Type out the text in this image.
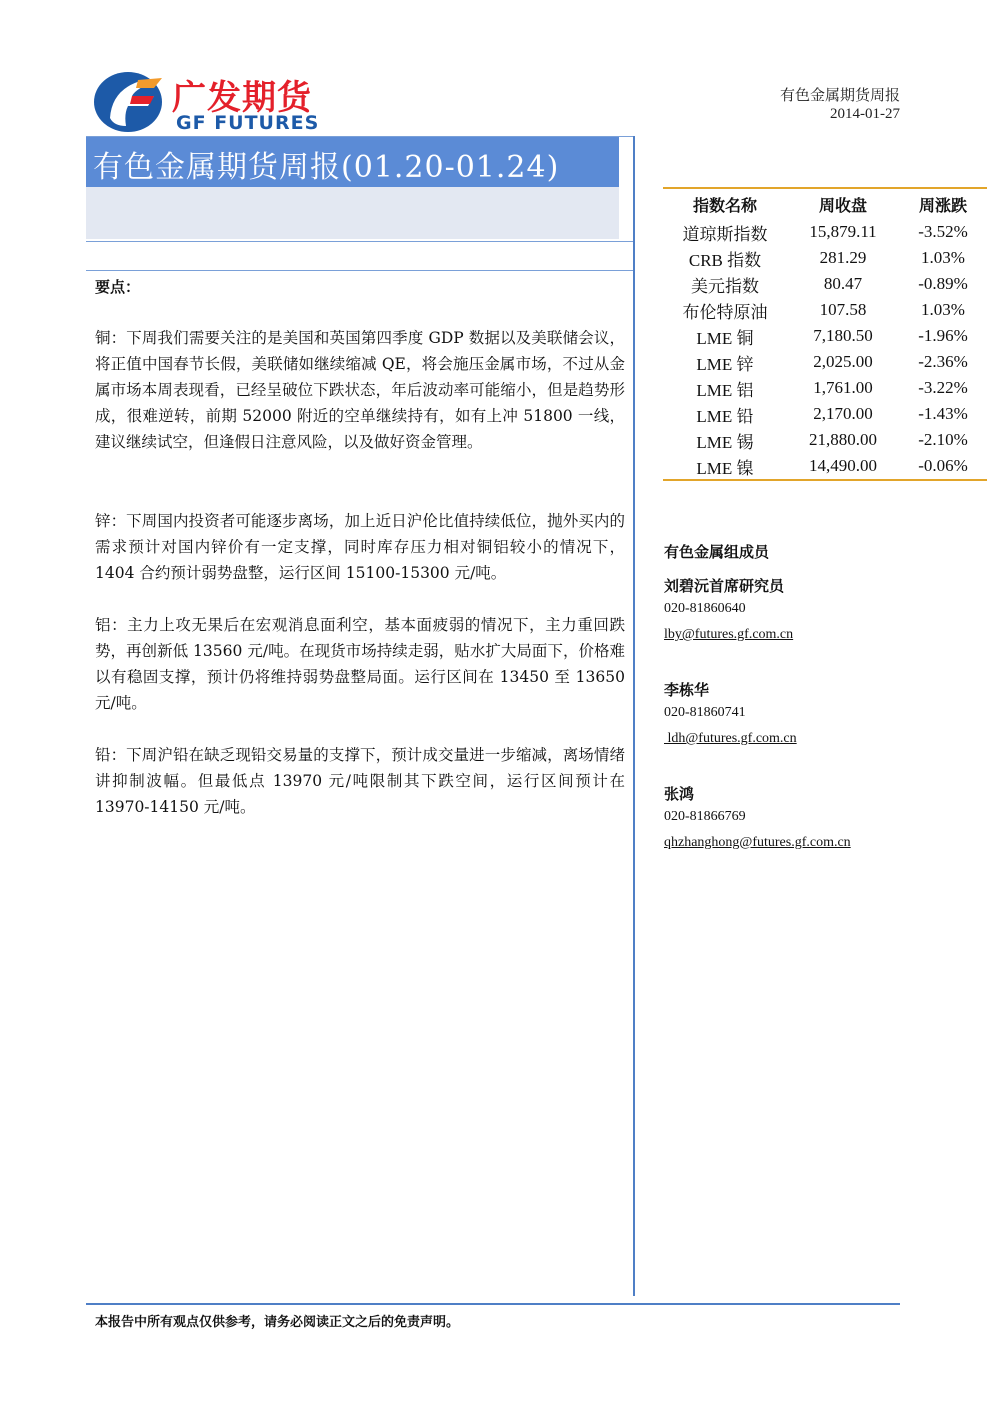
广发期货
GF FUTURES
有色金属期货周报
2014-01-27
有色金属期货周报(01.20-01.24)
要点：

铜：下周我们需要关注的是美国和英国第四季度 GDP 数据以及美联储会议，将正值中国春节长假，美联储如继续缩减 QE，将会施压金属市场，不过从金属市场本周表现看，已经呈破位下跌状态，年后波动率可能缩小，但是趋势形成，很难逆转，前期 52000 附近的空单继续持有，如有上冲 51800 一线，建议继续试空，但逢假日注意风险，以及做好资金管理。

锌：下周国内投资者可能逐步离场，加上近日沪伦比值持续低位，抛外买内的需求预计对国内锌价有一定支撑，同时库存压力相对铜铝较小的情况下，1404 合约预计弱势盘整，运行区间 15100-15300 元/吨。

铝：主力上攻无果后在宏观消息面利空，基本面疲弱的情况下，主力重回跌势，再创新低 13560 元/吨。在现货市场持续走弱，贴水扩大局面下，价格难以有稳固支撑，预计仍将维持弱势盘整局面。运行区间在 13450 至 13650 元/吨。

铅：下周沪铅在缺乏现铅交易量的支撑下，预计成交量进一步缩减，离场情绪讲抑制波幅。但最低点 13970 元/吨限制其下跌空间，运行区间预计在 13970-14150 元/吨。

指数名称	周收盘	周涨跌
道琼斯指数	15,879.11	-3.52%
CRB 指数	281.29	1.03%
美元指数	80.47	-0.89%
布伦特原油	107.58	1.03%
LME 铜	7,180.50	-1.96%
LME 锌	2,025.00	-2.36%
LME 铝	1,761.00	-3.22%
LME 铅	2,170.00	-1.43%
LME 锡	21,880.00	-2.10%
LME 镍	14,490.00	-0.06%
有色金属组成员
刘碧沅首席研究员
020-81860640
lby@futures.gf.com.cn
李栋华
020-81860741
ldh@futures.gf.com.cn
张鸿
020-81866769
qhzhanghong@futures.gf.com.cn
本报告中所有观点仅供参考，请务必阅读正文之后的免责声明。
